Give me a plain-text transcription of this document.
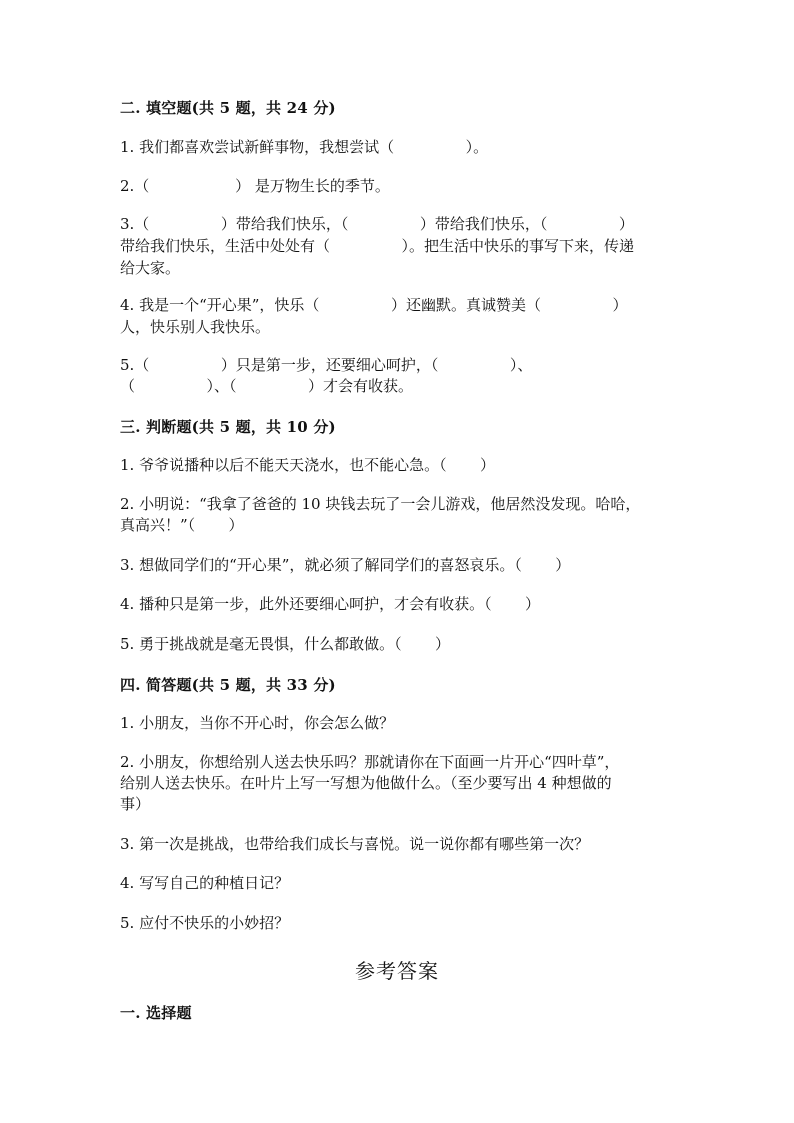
二. 填空题(共 5 题，共 24 分)
1. 我们都喜欢尝试新鲜事物，我想尝试（               ）。
2.（                  ） 是万物生长的季节。
3.（               ）带给我们快乐，（               ）带给我们快乐，（               ）
带给我们快乐，生活中处处有（               ）。把生活中快乐的事写下来，传递
给大家。
4. 我是一个“开心果”，快乐（               ）还幽默。真诚赞美（               ）
人，快乐别人我快乐。
5.（               ）只是第一步，还要细心呵护，（               ）、
（               ）、（               ）才会有收获。
三. 判断题(共 5 题，共 10 分)
1. 爷爷说播种以后不能天天浇水，也不能心急。（       ）
2. 小明说：“我拿了爸爸的 10 块钱去玩了一会儿游戏，他居然没发现。哈哈，
真高兴！”（       ）
3. 想做同学们的“开心果”，就必须了解同学们的喜怒哀乐。（       ）
4. 播种只是第一步，此外还要细心呵护，才会有收获。（       ）
5. 勇于挑战就是毫无畏惧，什么都敢做。（       ）
四. 简答题(共 5 题，共 33 分)
1. 小朋友，当你不开心时，你会怎么做？
2. 小朋友，你想给别人送去快乐吗？那就请你在下面画一片开心“四叶草”，
给别人送去快乐。在叶片上写一写想为他做什么。（至少要写出 4 种想做的
事）
3. 第一次是挑战，也带给我们成长与喜悦。说一说你都有哪些第一次？
4. 写写自己的种植日记？
5. 应付不快乐的小妙招？
参考答案
一. 选择题
